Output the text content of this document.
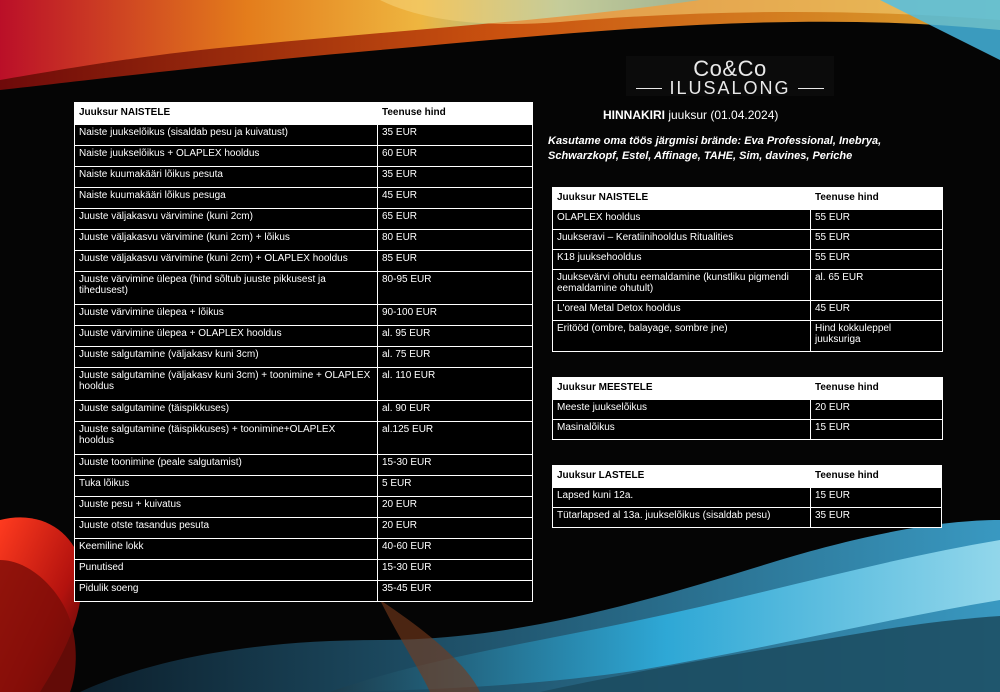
Co&Co
ILUSALONG
HINNAKIRI juuksur (01.04.2024)
Kasutame oma töös järgmisi brände: Eva Professional, Inebrya, Schwarzkopf, Estel, Affinage, TAHE, Sim, davines, Periche
Juuksur NAISTELE	Teenuse hind
Naiste juukselõikus (sisaldab pesu ja kuivatust)	35 EUR
Naiste juukselõikus + OLAPLEX hooldus	60 EUR
Naiste kuumakääri lõikus pesuta	35 EUR
Naiste kuumakääri lõikus pesuga	45 EUR
Juuste väljakasvu värvimine (kuni 2cm)	65 EUR
Juuste väljakasvu värvimine (kuni 2cm) + lõikus	80 EUR
Juuste väljakasvu värvimine (kuni 2cm) + OLAPLEX hooldus	85 EUR
Juuste värvimine ülepea (hind sõltub juuste pikkusest ja tihedusest)	80-95 EUR
Juuste värvimine ülepea + lõikus	90-100 EUR
Juuste värvimine ülepea + OLAPLEX hooldus	al. 95 EUR
Juuste salgutamine (väljakasv kuni 3cm)	al. 75 EUR
Juuste salgutamine (väljakasv kuni 3cm) + toonimine + OLAPLEX hooldus	al. 110 EUR
Juuste salgutamine (täispikkuses)	al. 90 EUR
Juuste salgutamine (täispikkuses) + toonimine+OLAPLEX hooldus	al.125 EUR
Juuste toonimine (peale salgutamist)	15-30 EUR
Tuka lõikus	5 EUR
Juuste pesu + kuivatus	20 EUR
Juuste otste tasandus pesuta	20 EUR
Keemiline lokk	40-60 EUR
Punutised	15-30 EUR
Pidulik soeng	35-45 EUR
Juuksur NAISTELE	Teenuse hind
OLAPLEX hooldus	55 EUR
Juukseravi – Keratiinihooldus Ritualities	55 EUR
K18 juuksehooldus	55 EUR
Juuksevärvi ohutu eemaldamine (kunstliku pigmendi eemaldamine ohutult)	al. 65 EUR
L'oreal Metal Detox hooldus	45 EUR
Eritööd (ombre, balayage, sombre jne)	Hind kokkuleppel juuksuriga
Juuksur MEESTELE	Teenuse hind
Meeste juukselõikus	20 EUR
Masinalõikus	15 EUR
Juuksur LASTELE	Teenuse hind
Lapsed kuni 12a.	15 EUR
Tütarlapsed al 13a. juukselõikus (sisaldab pesu)	35 EUR
